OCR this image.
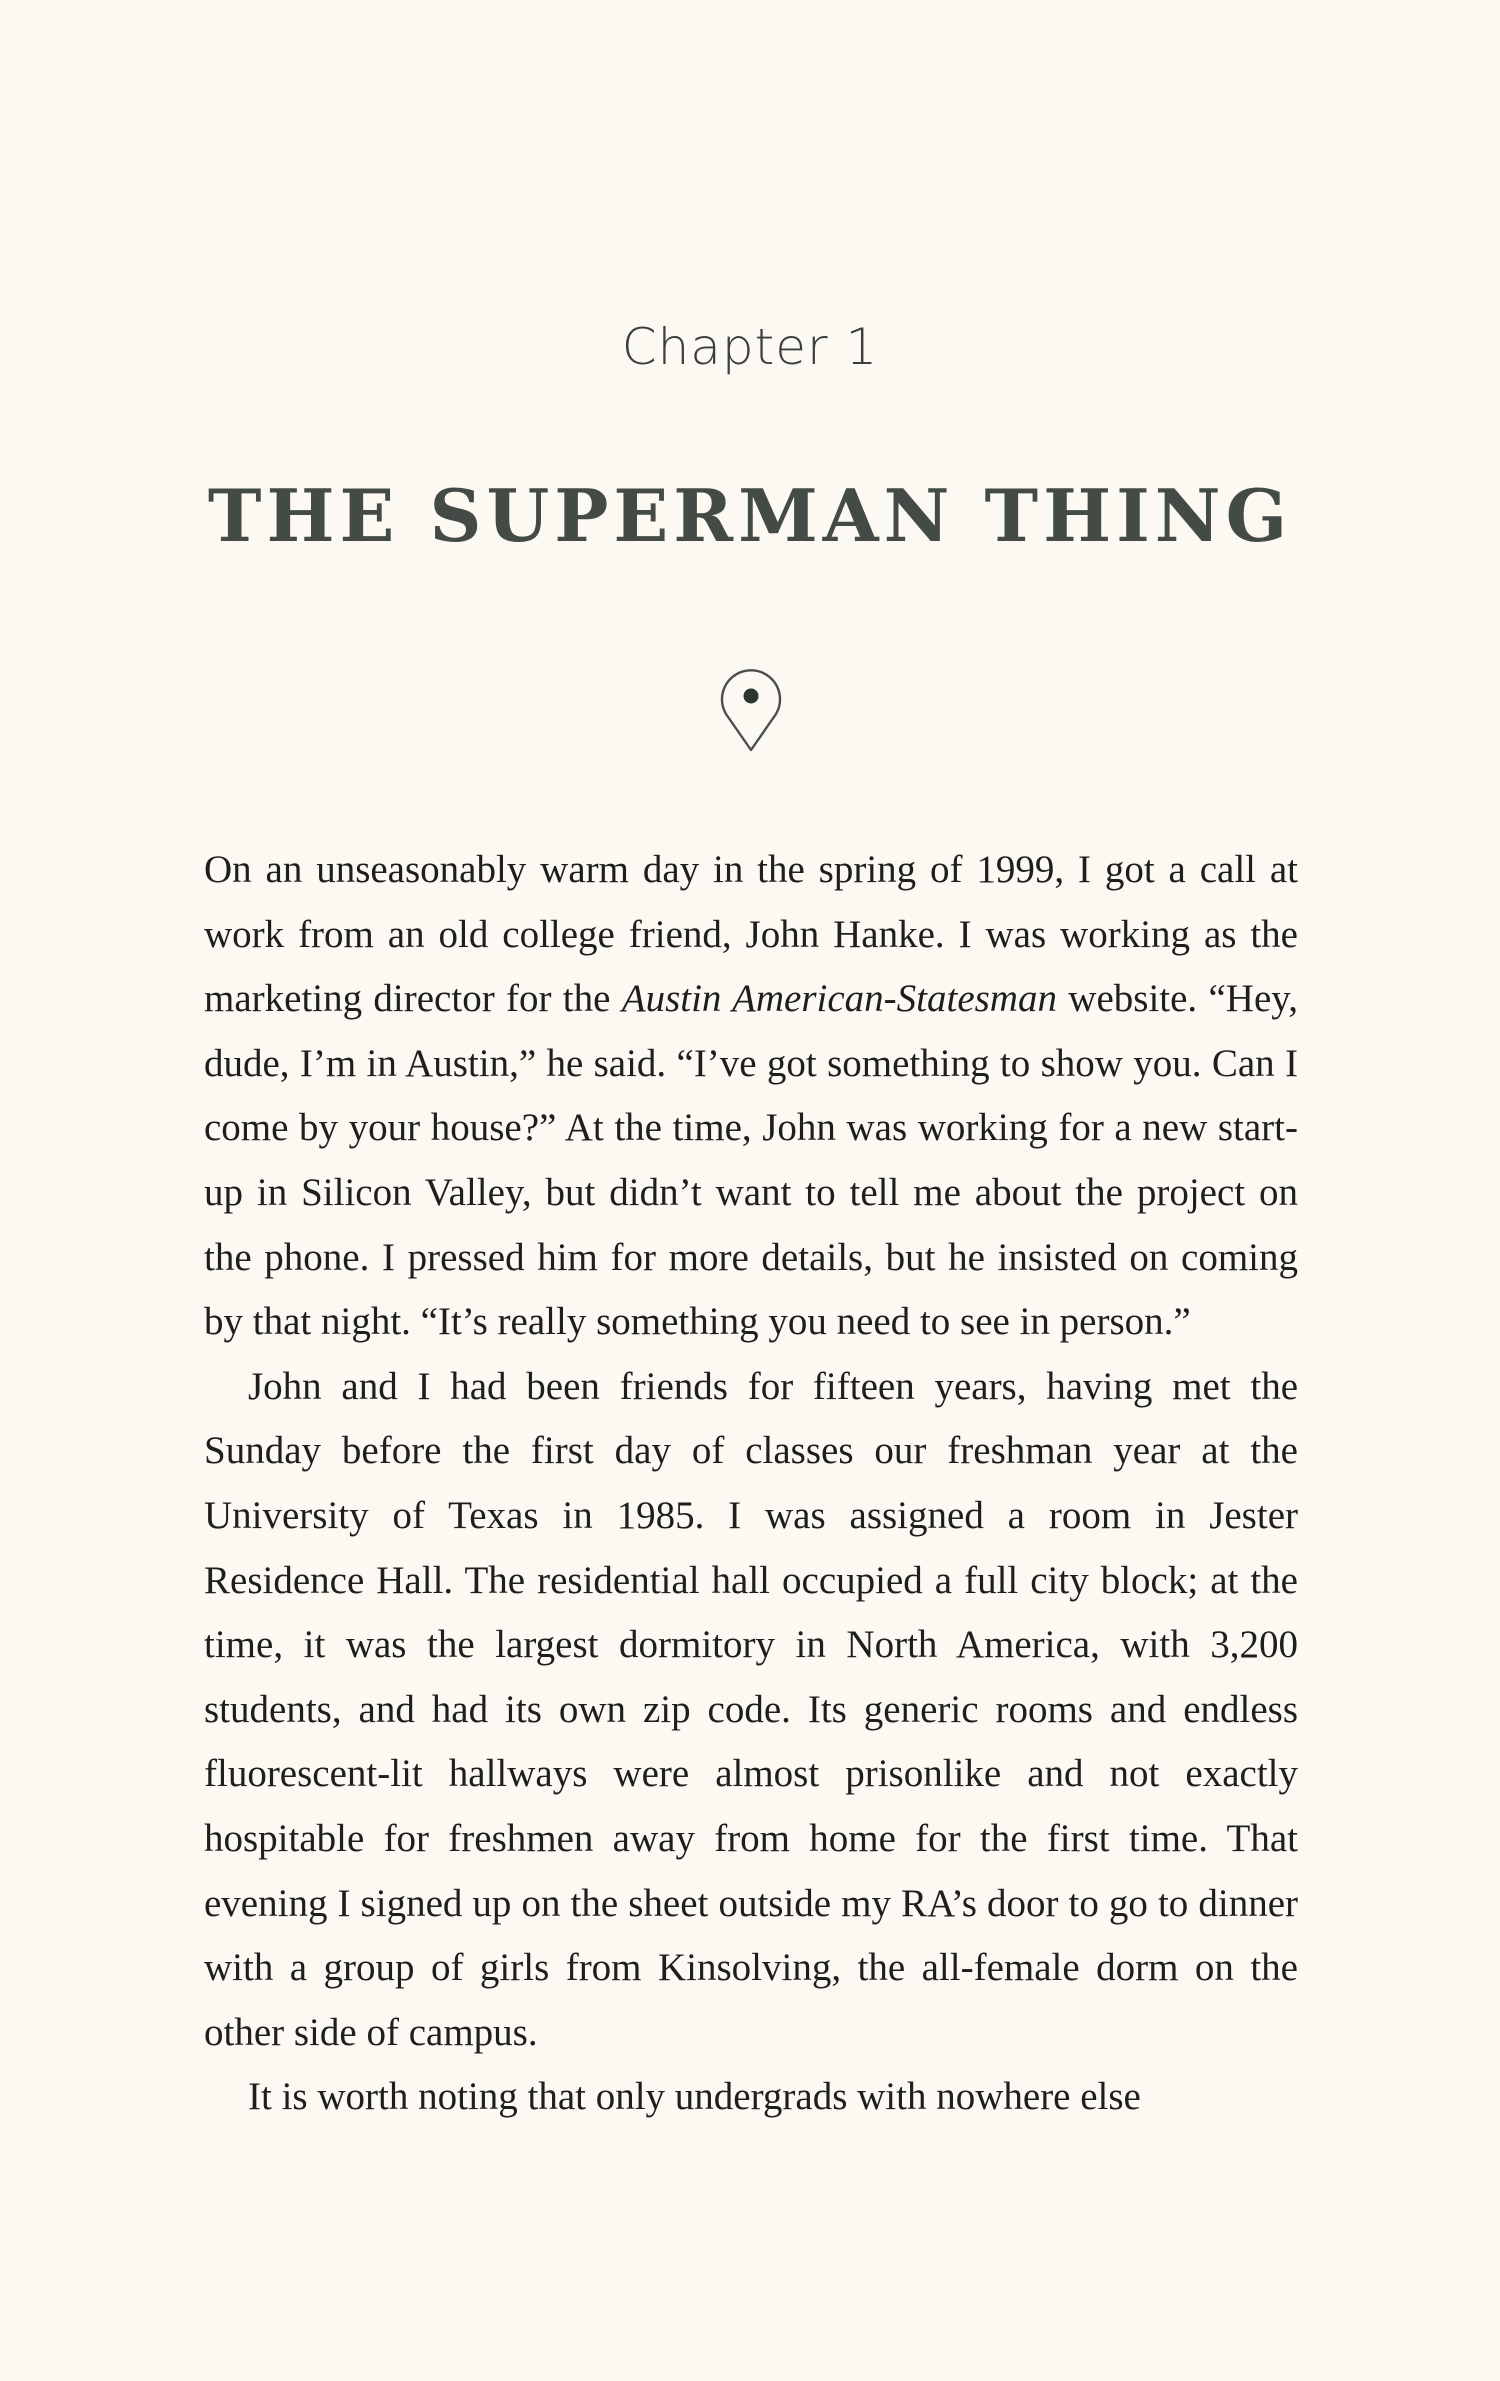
Chapter 1
THE SUPERMAN THING

On an unseasonably warm day in the spring of 1999, I got a call at work from an old college friend, John Hanke. I was working as the marketing director for the Austin American-Statesman website. “Hey, dude, I’m in Austin,” he said. “I’ve got something to show you. Can I come by your house?” At the time, John was working for a new start-up in Silicon Valley, but didn’t want to tell me about the project on the phone. I pressed him for more details, but he insisted on coming by that night. “It’s really something you need to see in person.”

John and I had been friends for fifteen years, having met the Sunday before the first day of classes our freshman year at the University of Texas in 1985. I was assigned a room in Jester Residence Hall. The residential hall occupied a full city block; at the time, it was the largest dormitory in North America, with 3,200 students, and had its own zip code. Its generic rooms and endless fluorescent-lit hallways were almost prisonlike and not exactly hospitable for freshmen away from home for the first time. That evening I signed up on the sheet outside my RA’s door to go to dinner with a group of girls from Kinsolving, the all-female dorm on the other side of campus.

It is worth noting that only undergrads with nowhere else
